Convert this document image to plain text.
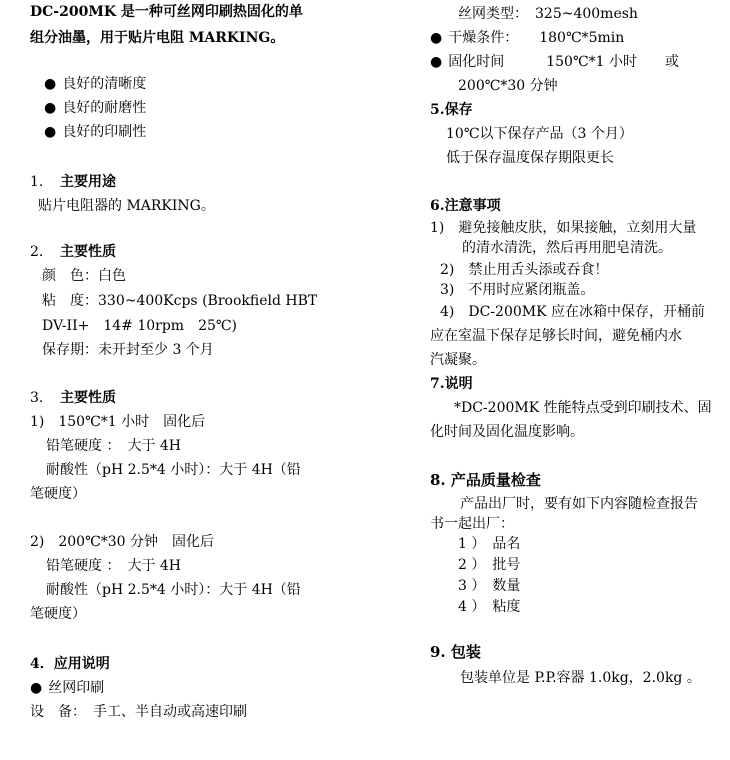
DC-200MK 是一种可丝网印刷热固化的单
组分油墨，用于贴片电阻 MARKING。
● 良好的清晰度
● 良好的耐磨性
● 良好的印刷性
1. 主要用途
贴片电阻器的 MARKING。
2. 主要性质
颜　色：白色
粘　度：330~400Kcps (Brookfield HBT
DV-II+　14# 10rpm　25℃)
保存期：未开封至少 3 个月
3. 主要性质
1)　150℃*1 小时　固化后
铅笔硬度 ：　大于 4H
耐酸性（pH 2.5*4 小时）：大于 4H（铅
笔硬度）
2)　200℃*30 分钟　固化后
铅笔硬度 ：　大于 4H
耐酸性（pH 2.5*4 小时）：大于 4H（铅
笔硬度）
4．应用说明
● 丝网印刷
设　备：　手工、半自动或高速印刷
丝网类型：　325~400mesh
● 干燥条件：　　180℃*5min
● 固化时间　　　150℃*1 小时　　或
200℃*30 分钟
5.保存
10℃以下保存产品（3 个月）
低于保存温度保存期限更长
6.注意事项
1)　避免接触皮肤，如果接触，立刻用大量
的清水清洗，然后再用肥皂清洗。
2)　禁止用舌头添或吞食！
3)　不用时应紧闭瓶盖。
4)　DC-200MK 应在冰箱中保存，开桶前
应在室温下保存足够长时间，避免桶内水
汽凝聚。
7.说明
*DC-200MK 性能特点受到印刷技术、固
化时间及固化温度影响。
8. 产品质量检查
产品出厂时，要有如下内容随检查报告
书一起出厂：
1 ）　品名
2 ）　批号
3 ）　数量
4 ）　粘度
9. 包装
包装单位是 P.P.容器 1.0kg，2.0kg 。
